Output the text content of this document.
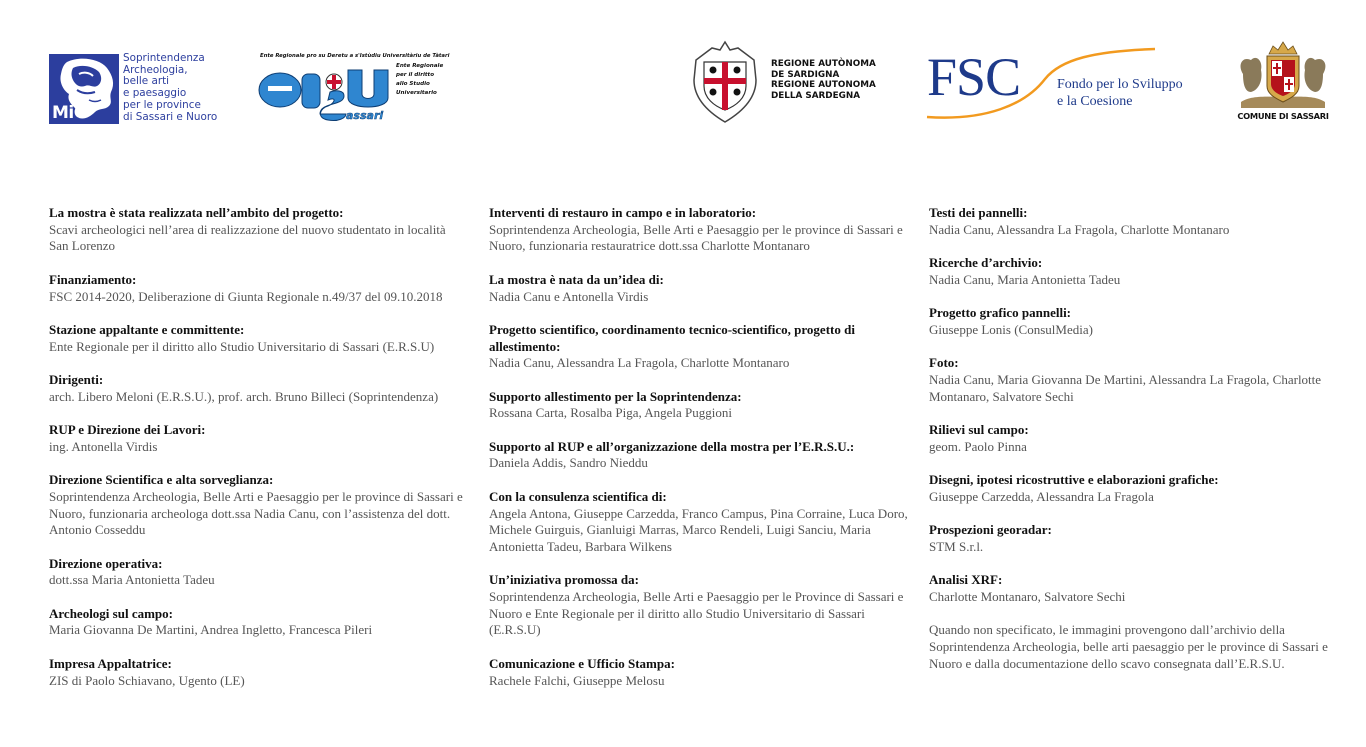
MiC
Soprintendenza
Archeologia,
belle arti
e paesaggio
per le province
di Sassari e Nuoro
Ente Regionale pro su Deretu a s'Istùdiu Universitàriu de Tàtari
assari
Ente Regionale
per il diritto
allo Studio
Universitario
REGIONE AUTÒNOMA
DE SARDIGNA
REGIONE AUTONOMA
DELLA SARDEGNA FSC	Fondo per lo Sviluppo
e la Coesione
COMUNE DI SASSARI
La mostra è stata realizzata nell’ambito del progetto:
Scavi archeologici nell’area di realizzazione del nuovo studentato in località San Lorenzo
Finanziamento:
FSC 2014-2020, Deliberazione di Giunta Regionale n.49/37 del 09.10.2018
Stazione appaltante e committente:
Ente Regionale per il diritto allo Studio Universitario di Sassari (E.R.S.U)
Dirigenti:
arch. Libero Meloni (E.R.S.U.), prof. arch. Bruno Billeci (Soprintendenza)
RUP e Direzione dei Lavori:
ing. Antonella Virdis
Direzione Scientifica e alta sorveglianza:
Soprintendenza Archeologia, Belle Arti e Paesaggio per le province di Sassari e Nuoro, funzionaria archeologa dott.ssa Nadia Canu, con l’assistenza del dott. Antonio Cosseddu
Direzione operativa:
dott.ssa Maria Antonietta Tadeu
Archeologi sul campo:
Maria Giovanna De Martini, Andrea Ingletto, Francesca Pileri
Impresa Appaltatrice:
ZIS di Paolo Schiavano, Ugento (LE)
Interventi di restauro in campo e in laboratorio:
Soprintendenza Archeologia, Belle Arti e Paesaggio per le province di Sassari e Nuoro, funzionaria restauratrice dott.ssa Charlotte Montanaro
La mostra è nata da un’idea di:
Nadia Canu e Antonella Virdis
Progetto scientifico, coordinamento tecnico-scientifico, progetto di allestimento:
Nadia Canu, Alessandra La Fragola, Charlotte Montanaro
Supporto allestimento per la Soprintendenza:
Rossana Carta, Rosalba Piga, Angela Puggioni
Supporto al RUP e all’organizzazione della mostra per l’E.R.S.U.:
Daniela Addis, Sandro Nieddu
Con la consulenza scientifica di:
Angela Antona, Giuseppe Carzedda, Franco Campus, Pina Corraine, Luca Doro, Michele Guirguis, Gianluigi Marras, Marco Rendeli, Luigi Sanciu, Maria Antonietta Tadeu, Barbara Wilkens
Un’iniziativa promossa da:
Soprintendenza Archeologia, Belle Arti e Paesaggio per le Province di Sassari e Nuoro e Ente Regionale per il diritto allo Studio Universitario di Sassari (E.R.S.U)
Comunicazione e Ufficio Stampa:
Rachele Falchi, Giuseppe Melosu
Testi dei pannelli:
Nadia Canu, Alessandra La Fragola, Charlotte Montanaro
Ricerche d’archivio:
Nadia Canu, Maria Antonietta Tadeu
Progetto grafico pannelli:
Giuseppe Lonis (ConsulMedia)
Foto:
Nadia Canu, Maria Giovanna De Martini, Alessandra La Fragola, Charlotte Montanaro, Salvatore Sechi
Rilievi sul campo:
geom. Paolo Pinna
Disegni, ipotesi ricostruttive e elaborazioni grafiche:
Giuseppe Carzedda, Alessandra La Fragola
Prospezioni georadar:
STM S.r.l.
Analisi XRF:
Charlotte Montanaro, Salvatore Sechi
Quando non specificato, le immagini provengono dall’archivio della Soprintendenza Archeologia, belle arti paesaggio per le province di Sassari e Nuoro e dalla documentazione dello scavo consegnata dall’E.R.S.U.
